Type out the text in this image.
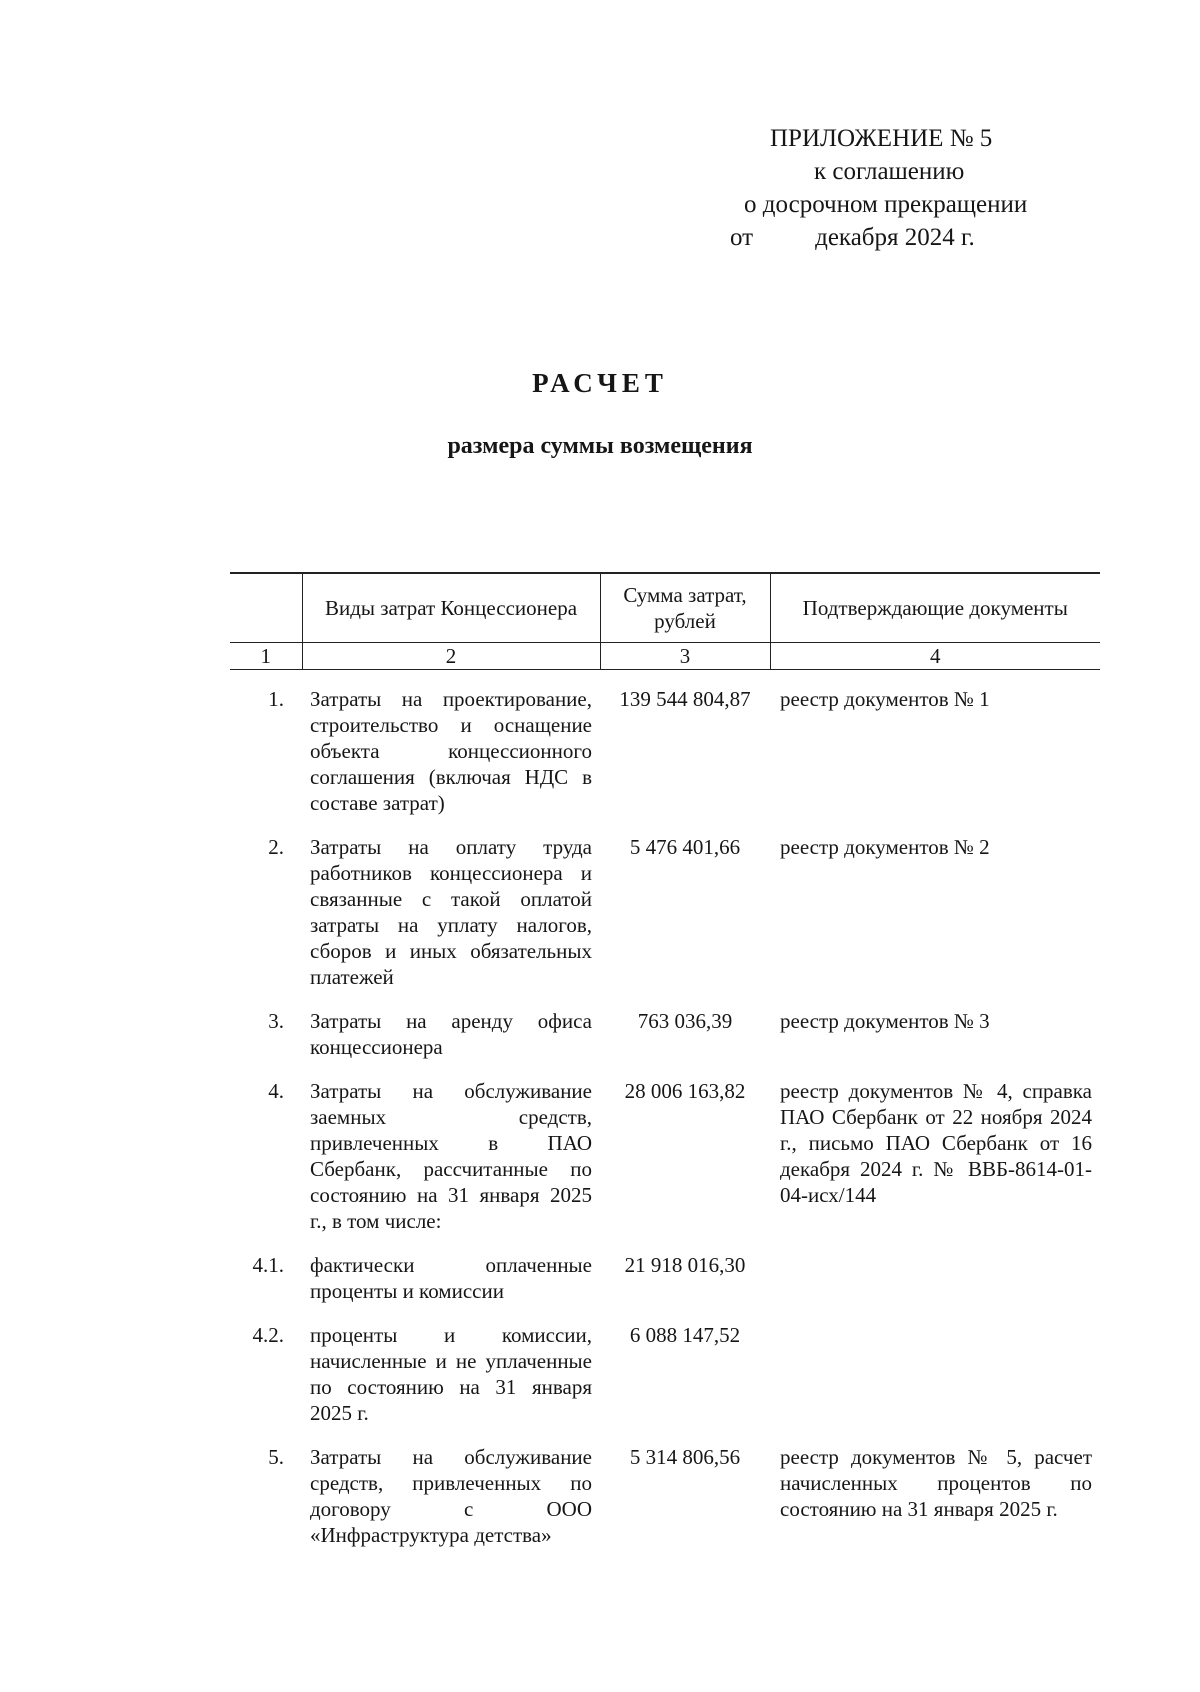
ПРИЛОЖЕНИЕ № 5
к соглашению
о досрочном прекращении
от декабря 2024 г.
РАСЧЕТ
размера суммы возмещения
	Виды затрат Концессионера	Сумма затрат, рублей	Подтверждающие документы
1	2	3	4
1.	Затраты на проектирование, строительство и оснащение объекта концессионного соглашения (включая НДС в составе затрат)	139 544 804,87	реестр документов № 1
2.	Затраты на оплату труда работников концессионера и связанные с такой оплатой затраты на уплату налогов, сборов и иных обязательных платежей	5 476 401,66	реестр документов № 2
3.	Затраты на аренду офиса концессионера	763 036,39	реестр документов № 3
4.	Затраты на обслуживание заемных средств, привлеченных в ПАО Сбербанк, рассчитанные по состоянию на 31 января 2025 г., в том числе:	28 006 163,82	реестр документов № 4, справка ПАО Сбербанк от 22 ноября 2024 г., письмо ПАО Сбербанк от 16 декабря 2024 г. № ВВБ-8614-01-04-исх/144
4.1.	фактически оплаченные проценты и комиссии	21 918 016,30	
4.2.	проценты и комиссии, начисленные и не уплаченные по состоянию на 31 января 2025 г.	6 088 147,52	
5.	Затраты на обслуживание средств, привлеченных по договору с ООО «Инфраструктура детства»	5 314 806,56	реестр документов № 5, расчет начисленных процентов по состоянию на 31 января 2025 г.
